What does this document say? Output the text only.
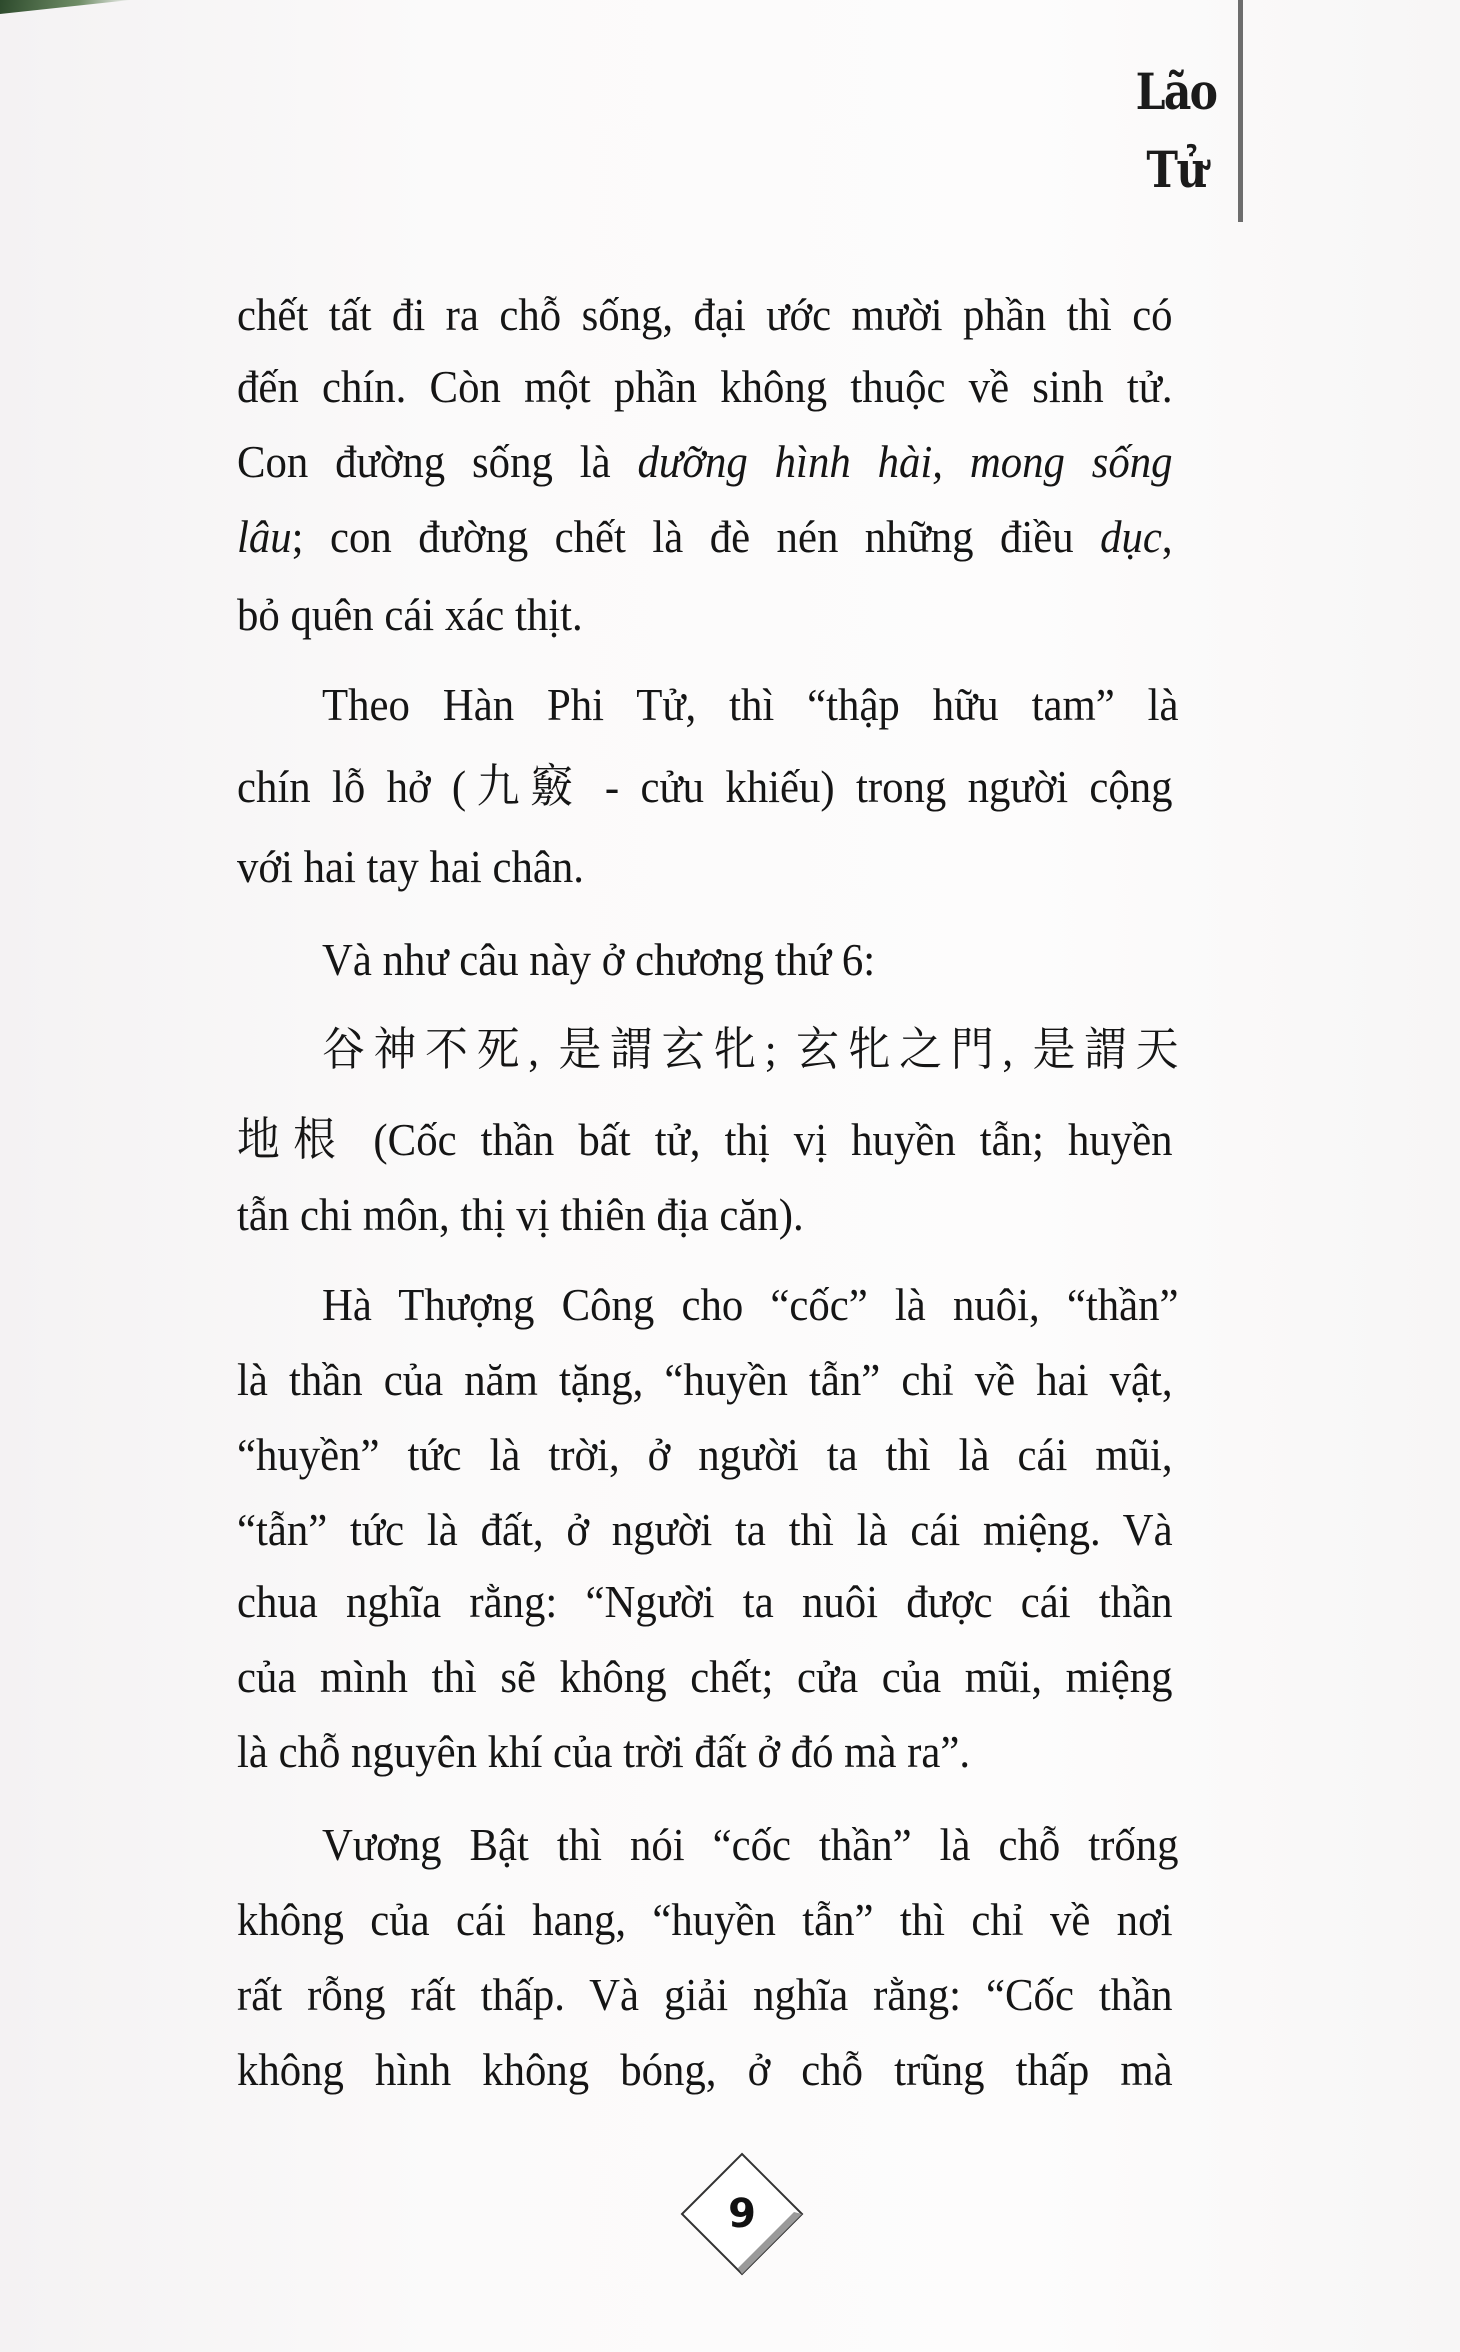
Lão
Tử
chết tất đi ra chỗ sống, đại ước mười phần thì có
đến chín. Còn một phần không thuộc về sinh tử.
Con đường sống là dưỡng hình hài, mong sống
lâu; con đường chết là đè nén những điều dục,
bỏ quên cái xác thịt.
Theo Hàn Phi Tử, thì “thập hữu tam” là
chín lỗ hở (九竅 - cửu khiếu) trong người cộng
với hai tay hai chân.
Và như câu này ở chương thứ 6:
谷神不死, 是謂玄牝; 玄牝之門, 是謂天
地根 (Cốc thần bất tử, thị vị huyền tẫn; huyền
tẫn chi môn, thị vị thiên địa căn).
Hà Thượng Công cho “cốc” là nuôi, “thần”
là thần của năm tặng, “huyền tẫn” chỉ về hai vật,
“huyền” tức là trời, ở người ta thì là cái mũi,
“tẫn” tức là đất, ở người ta thì là cái miệng. Và
chua nghĩa rằng: “Người ta nuôi được cái thần
của mình thì sẽ không chết; cửa của mũi, miệng
là chỗ nguyên khí của trời đất ở đó mà ra”.
Vương Bật thì nói “cốc thần” là chỗ trống
không của cái hang, “huyền tẫn” thì chỉ về nơi
rất rỗng rất thấp. Và giải nghĩa rằng: “Cốc thần
không hình không bóng, ở chỗ trũng thấp mà
9
